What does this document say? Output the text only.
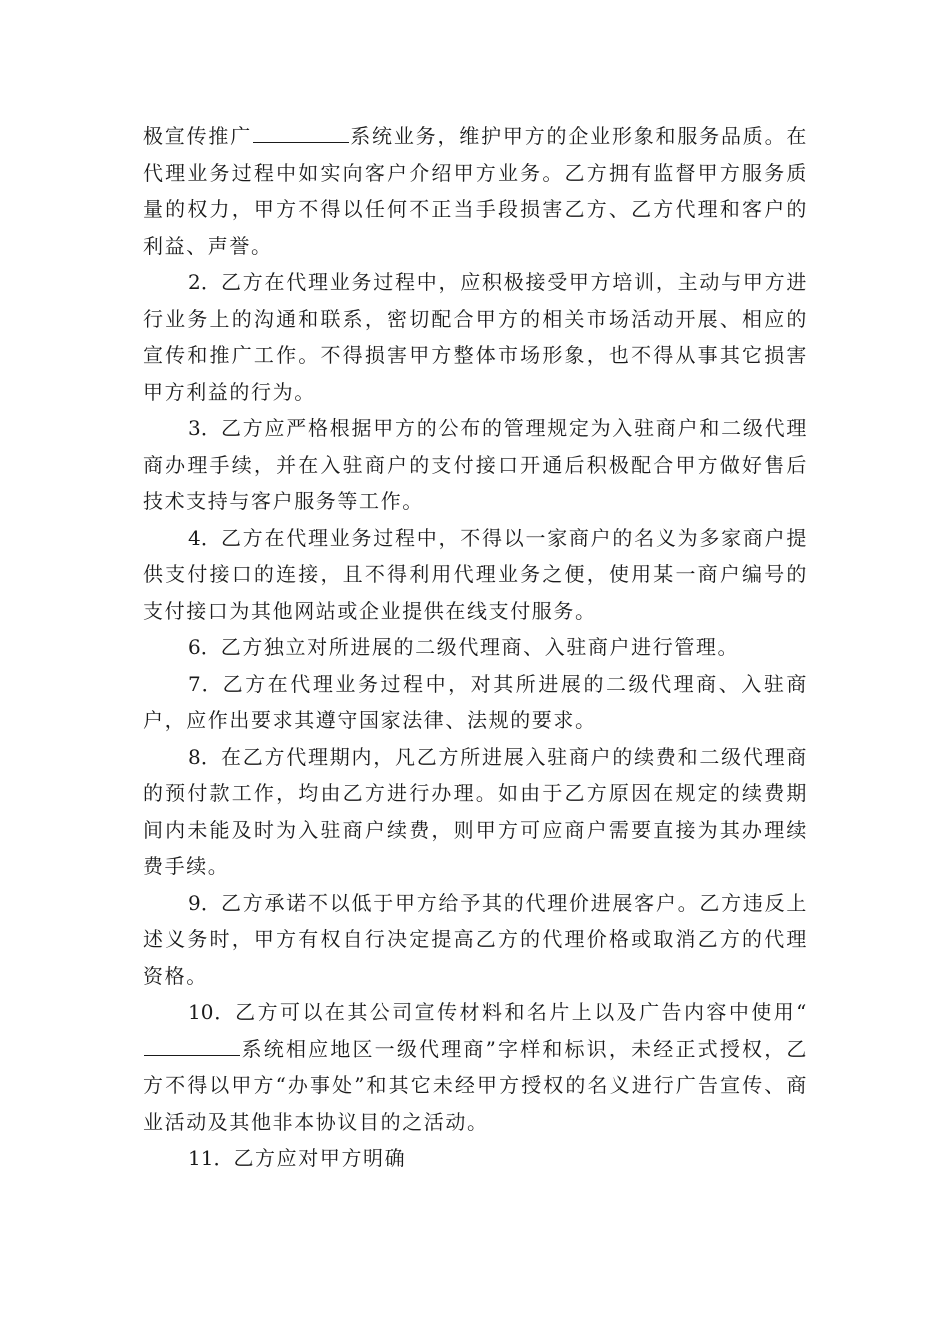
极宣传推广	系统业务，维护甲方的企业形象和服务品质。在代理业务过程中如实向客户介绍甲方业务。乙方拥有监督甲方服务质量的权力，甲方不得以任何不正当手段损害乙方、乙方代理和客户的利益、声誉。

2．乙方在代理业务过程中，应积极接受甲方培训，主动与甲方进行业务上的沟通和联系，密切配合甲方的相关市场活动开展、相应的宣传和推广工作。不得损害甲方整体市场形象，也不得从事其它损害甲方利益的行为。

3．乙方应严格根据甲方的公布的管理规定为入驻商户和二级代理商办理手续，并在入驻商户的支付接口开通后积极配合甲方做好售后技术支持与客户服务等工作。

4．乙方在代理业务过程中，不得以一家商户的名义为多家商户提供支付接口的连接，且不得利用代理业务之便，使用某一商户编号的支付接口为其他网站或企业提供在线支付服务。

6．乙方独立对所进展的二级代理商、入驻商户进行管理。

7．乙方在代理业务过程中，对其所进展的二级代理商、入驻商户，应作出要求其遵守国家法律、法规的要求。

8．在乙方代理期内，凡乙方所进展入驻商户的续费和二级代理商的预付款工作，均由乙方进行办理。如由于乙方原因在规定的续费期间内未能及时为入驻商户续费，则甲方可应商户需要直接为其办理续费手续。

9．乙方承诺不以低于甲方给予其的代理价进展客户。乙方违反上述义务时，甲方有权自行决定提高乙方的代理价格或取消乙方的代理资格。

10．乙方可以在其公司宣传材料和名片上以及广告内容中使用“系统相应地区一级代理商”字样和标识，未经正式授权，乙方不得以甲方“办事处”和其它未经甲方授权的名义进行广告宣传、商业活动及其他非本协议目的之活动。

11．乙方应对甲方明确
